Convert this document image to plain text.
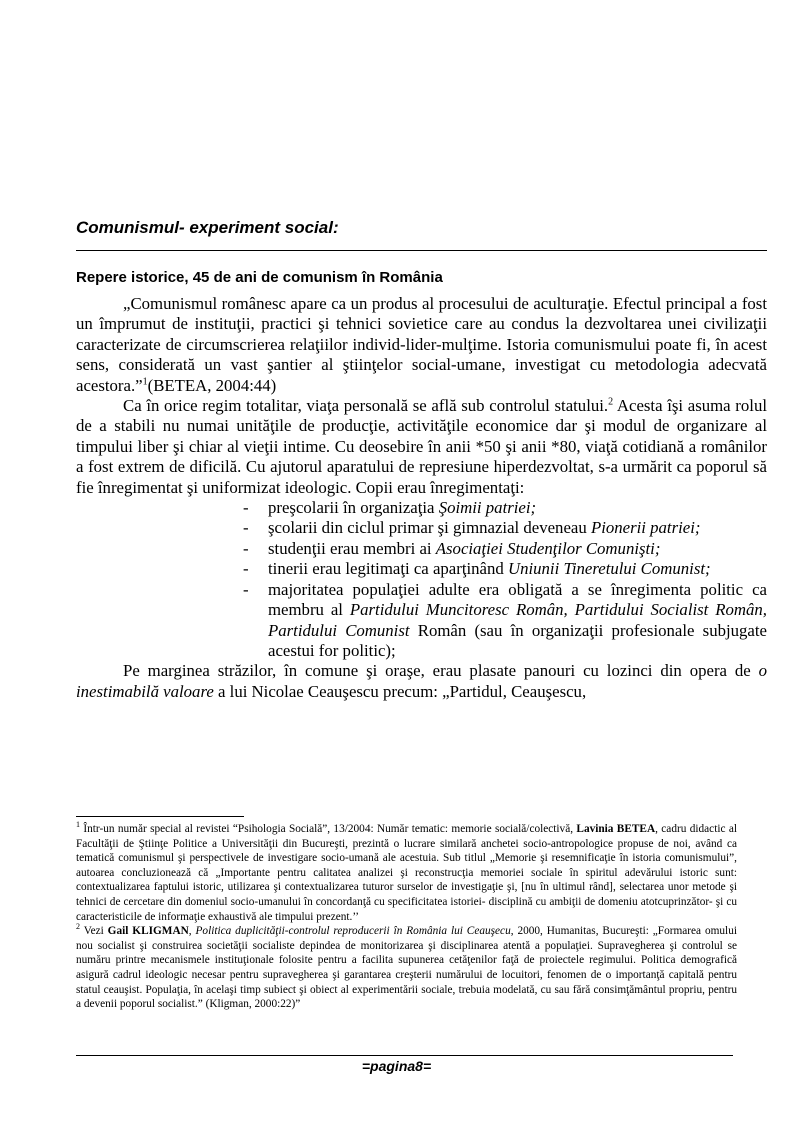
Comunismul- experiment social:
Repere istorice, 45 de ani de comunism în România

„Comunismul românesc apare ca un produs al procesului de aculturaţie. Efectul principal a fost un împrumut de instituţii, practici şi tehnici sovietice care au condus la dezvoltarea unei civilizaţii caracterizate de circumscrierea relaţiilor individ-lider-mulţime. Istoria comunismului poate fi, în acest sens, considerată un vast şantier al ştiinţelor social-umane, investigat cu metodologia adecvată acestora.”$^1$(BETEA, 2004:44)

Ca în orice regim totalitar, viaţa personală se află sub controlul statului.$^2$ Acesta îşi asuma rolul de a stabili nu numai unităţile de producţie, activităţile economice dar şi modul de organizare al timpului liber şi chiar al vieţii intime. Cu deosebire în anii *50 şi anii *80, viaţă cotidiană a românilor a fost extrem de dificilă. Cu ajutorul aparatului de represiune hiperdezvoltat, s-a urmărit ca poporul să fie înregimentat şi uniformizat ideologic. Copii erau înregimentaţi:

- preşcolarii în organizaţia Şoimii patriei;
- şcolarii din ciclul primar şi gimnazial deveneau Pionerii patriei;
- studenţii erau membri ai Asociaţiei Studenţilor Comunişti;
- tinerii erau legitimaţi ca aparţinând Uniunii Tineretului Comunist;
- majoritatea populaţiei adulte era obligată a se înregimenta politic ca membru al Partidului Muncitoresc Român, Partidului Socialist Român, Partidului Comunist Român (sau în organizaţii profesionale subjugate acestui for politic);

Pe marginea străzilor, în comune şi oraşe, erau plasate panouri cu lozinci din opera de o inestimabilă valoare a lui Nicolae Ceauşescu precum: „Partidul, Ceauşescu,

$^1$ Într-un număr special al revistei “Psihologia Socială”, 13/2004: Număr tematic: memorie socială/colectivă, Lavinia BETEA, cadru didactic al Facultăţii de Ştiinţe Politice a Universităţii din Bucureşti, prezintă o lucrare similară anchetei socio-antropologice propuse de noi, având ca tematică comunismul şi perspectivele de investigare socio-umană ale acestuia. Sub titlul „Memorie şi resemnificaţie în istoria comunismului”, autoarea concluzionează că „Importante pentru calitatea analizei şi reconstrucţia memoriei sociale în spiritul adevărului istoric sunt: contextualizarea faptului istoric, utilizarea şi contextualizarea tuturor surselor de investigaţie şi, [nu în ultimul rând], selectarea unor metode şi tehnici de cercetare din domeniul socio-umanului în concordanţă cu specificitatea istoriei- disciplină cu ambiţii de domeniu atotcuprinzător- şi cu caracteristicile de informaţie exhaustivă ale timpului prezent.’’

$^2$ Vezi Gail KLIGMAN, Politica duplicităţii-controlul reproducerii în România lui Ceauşecu, 2000, Humanitas, Bucureşti: „Formarea omului nou socialist şi construirea societăţii socialiste depindea de monitorizarea şi disciplinarea atentă a populaţiei. Supravegherea şi controlul se număru printre mecanismele instituţionale folosite pentru a facilita supunerea cetăţenilor faţă de proiectele regimului. Politica demografică asigură cadrul ideologic necesar pentru supravegherea şi garantarea creşterii numărului de locuitori, fenomen de o importanţă capitală pentru statul ceauşist. Populaţia, în acelaşi timp subiect şi obiect al experimentării sociale, trebuia modelată, cu sau fără consimţământul propriu, pentru a devenii poporul socialist.” (Kligman, 2000:22)”

=pagina8=
